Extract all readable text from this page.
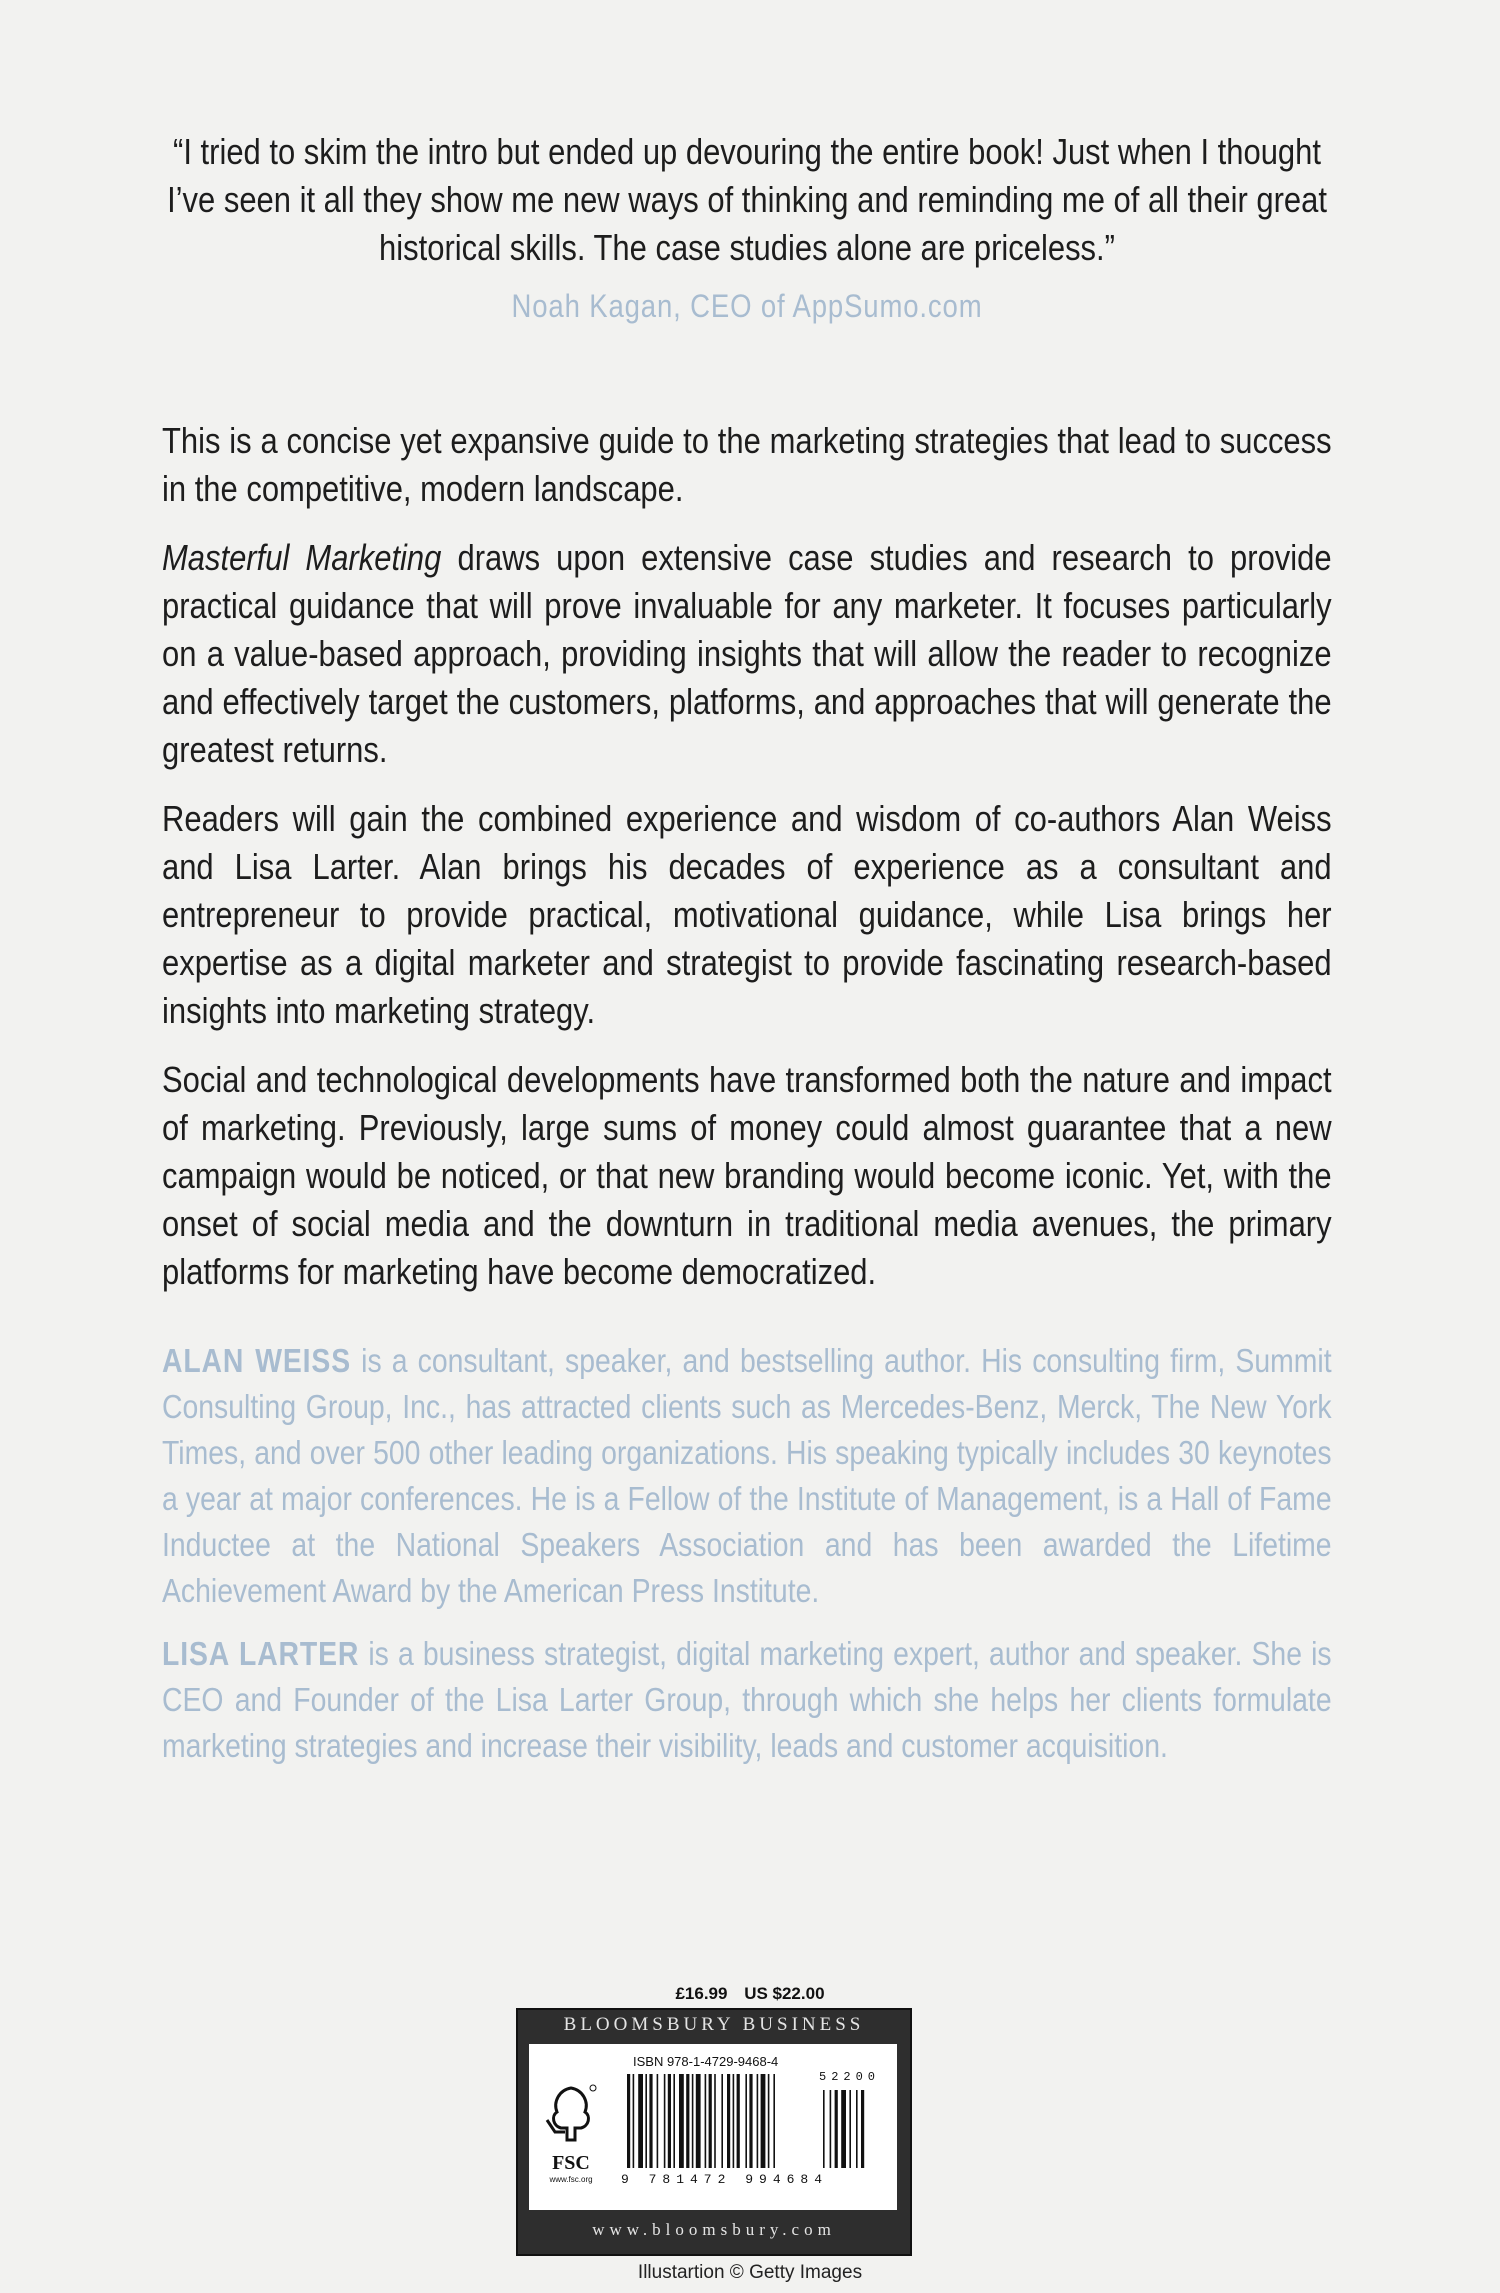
“I tried to skim the intro but ended up devouring the entire book! Just when I thought I’ve seen it all they show me new ways of thinking and reminding me of all their great historical skills. The case studies alone are priceless.”
Noah Kagan, CEO of AppSumo.com

This is a concise yet expansive guide to the marketing strategies that lead to success in the competitive, modern landscape.

Masterful Marketing draws upon extensive case studies and research to provide practical guidance that will prove invaluable for any marketer. It focuses particularly on a value-based approach, providing insights that will allow the reader to recognize and effectively target the customers, platforms, and approaches that will generate the greatest returns.

Readers will gain the combined experience and wisdom of co-authors Alan Weiss and Lisa Larter. Alan brings his decades of experience as a consultant and entrepreneur to provide practical, motivational guidance, while Lisa brings her expertise as a digital marketer and strategist to provide fascinating research-based insights into marketing strategy.

Social and technological developments have transformed both the nature and impact of marketing. Previously, large sums of money could almost guarantee that a new campaign would be noticed, or that new branding would become iconic. Yet, with the onset of social media and the downturn in traditional media avenues, the primary platforms for marketing have become democratized.

ALAN WEISS is a consultant, speaker, and bestselling author. His consulting firm, Summit Consulting Group, Inc., has attracted clients such as Mercedes-Benz, Merck, The New York Times, and over 500 other leading organizations. His speaking typically includes 30 keynotes a year at major conferences. He is a Fellow of the Institute of Management, is a Hall of Fame Inductee at the National Speakers Association and has been awarded the Lifetime Achievement Award by the American Press Institute.

LISA LARTER is a business strategist, digital marketing expert, author and speaker. She is CEO and Founder of the Lisa Larter Group, through which she helps her clients formulate marketing strategies and increase their visibility, leads and customer acquisition.

£16.99 US $22.00
BLOOMSBURY BUSINESS
FSC
www.fsc.org
ISBN 978-1-4729-9468-4
52200
9 781472 994684
www.bloomsbury.com
Illustartion © Getty Images
